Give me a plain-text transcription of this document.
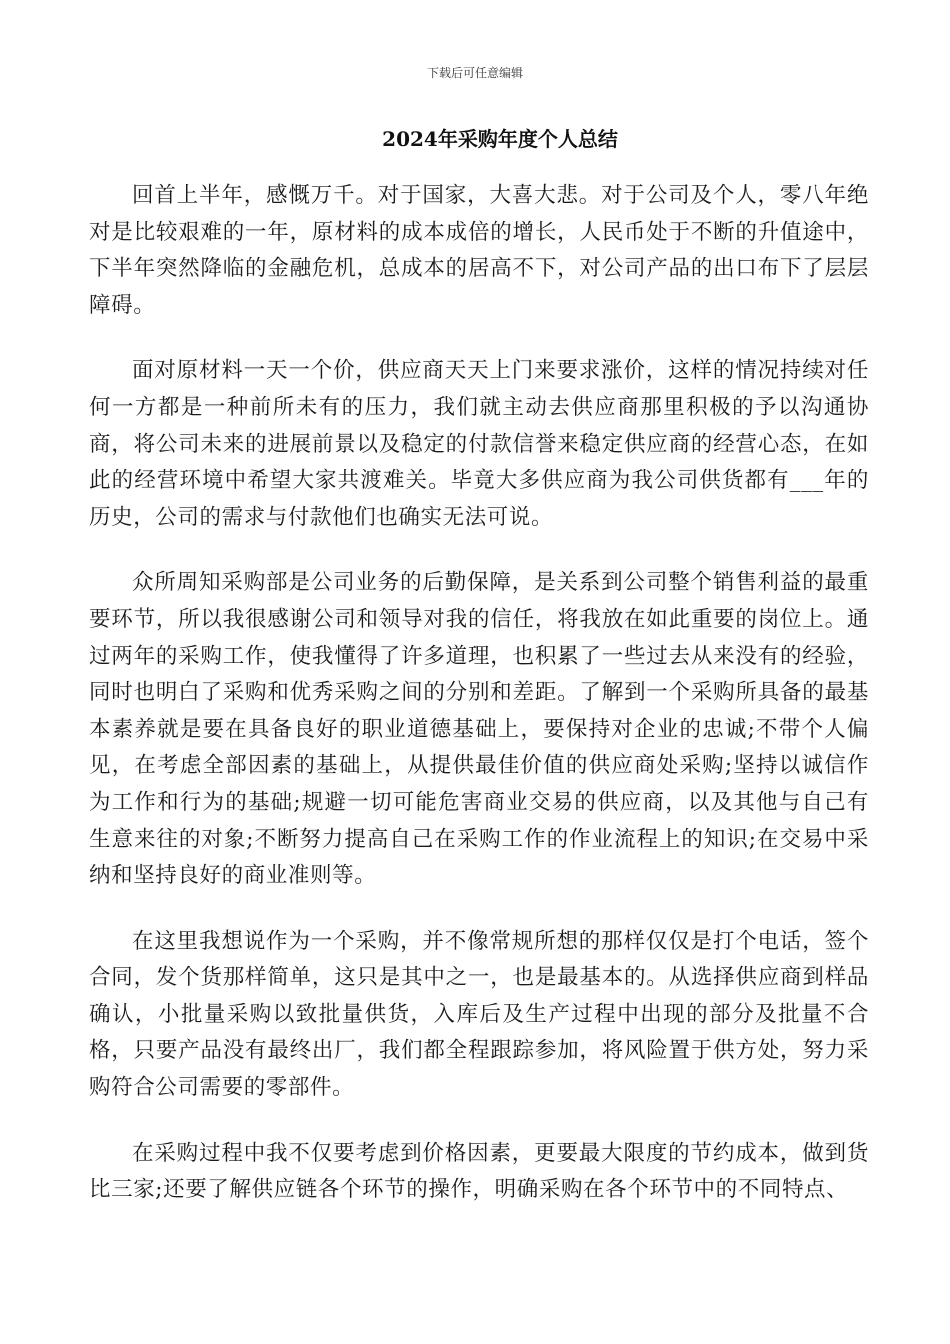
下载后可任意编辑
2024年采购年度个人总结

回首上半年，感慨万千。对于国家，大喜大悲。对于公司及个人，零八年绝对是比较艰难的一年，原材料的成本成倍的增长，人民币处于不断的升值途中，下半年突然降临的金融危机，总成本的居高不下，对公司产品的出口布下了层层障碍。

面对原材料一天一个价，供应商天天上门来要求涨价，这样的情况持续对任何一方都是一种前所未有的压力，我们就主动去供应商那里积极的予以沟通协商，将公司未来的进展前景以及稳定的付款信誉来稳定供应商的经营心态，在如此的经营环境中希望大家共渡难关。毕竟大多供应商为我公司供货都有___年的历史，公司的需求与付款他们也确实无法可说。

众所周知采购部是公司业务的后勤保障，是关系到公司整个销售利益的最重要环节，所以我很感谢公司和领导对我的信任，将我放在如此重要的岗位上。通过两年的采购工作，使我懂得了许多道理，也积累了一些过去从来没有的经验，同时也明白了采购和优秀采购之间的分别和差距。了解到一个采购所具备的最基本素养就是要在具备良好的职业道德基础上，要保持对企业的忠诚;不带个人偏见，在考虑全部因素的基础上，从提供最佳价值的供应商处采购;坚持以诚信作为工作和行为的基础;规避一切可能危害商业交易的供应商，以及其他与自己有生意来往的对象;不断努力提高自己在采购工作的作业流程上的知识;在交易中采纳和坚持良好的商业准则等。

在这里我想说作为一个采购，并不像常规所想的那样仅仅是打个电话，签个合同，发个货那样简单，这只是其中之一，也是最基本的。从选择供应商到样品确认，小批量采购以致批量供货，入库后及生产过程中出现的部分及批量不合格，只要产品没有最终出厂，我们都全程跟踪参加，将风险置于供方处，努力采购符合公司需要的零部件。

在采购过程中我不仅要考虑到价格因素，更要最大限度的节约成本，做到货比三家;还要了解供应链各个环节的操作，明确采购在各个环节中的不同特点、
